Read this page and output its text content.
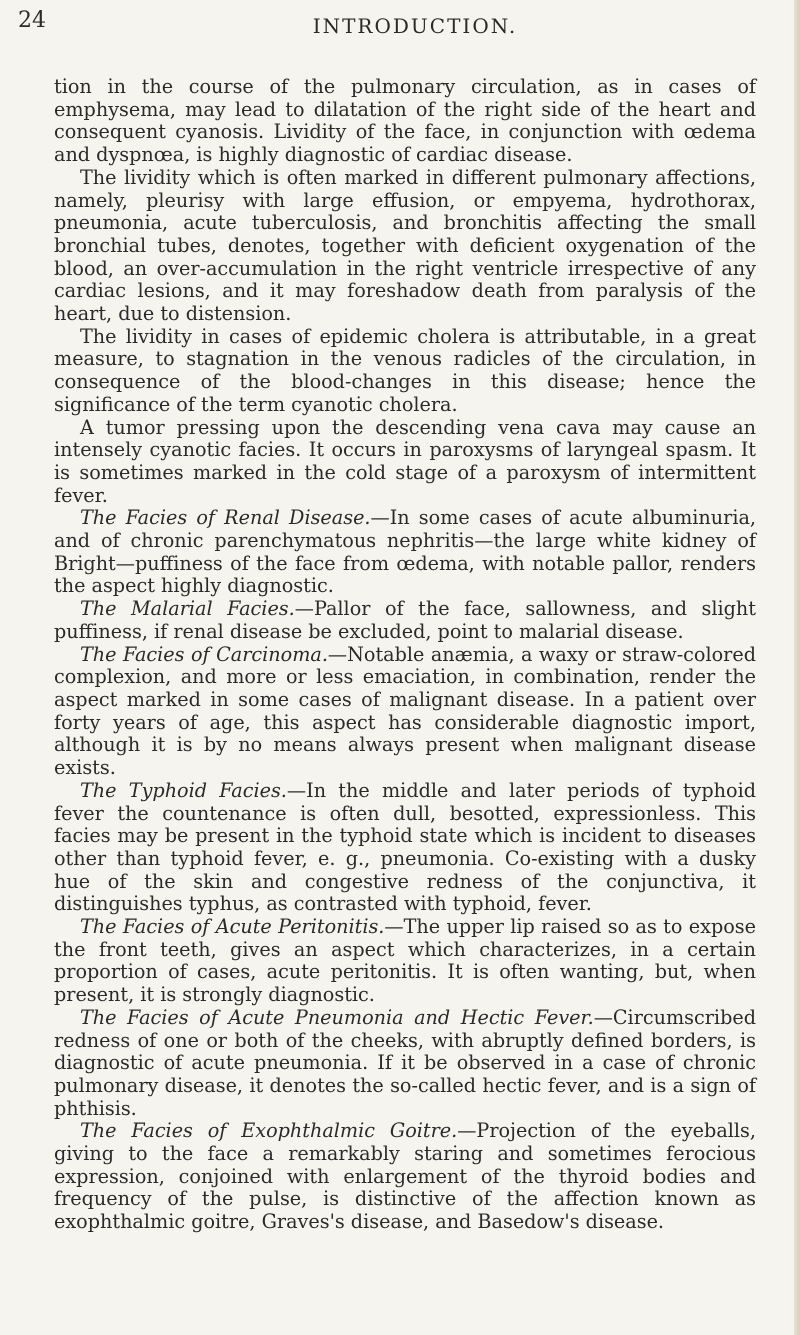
24	INTRODUCTION.

tion in the course of the pulmonary circulation, as in cases of emphysema, may lead to dilatation of the right side of the heart and consequent cyanosis. Lividity of the face, in conjunction with œdema and dyspnœa, is highly diagnostic of cardiac disease.

The lividity which is often marked in different pulmonary affections, namely, pleurisy with large effusion, or empyema, hydrothorax, pneumonia, acute tuberculosis, and bronchitis affecting the small bronchial tubes, denotes, together with deficient oxygenation of the blood, an over-accumulation in the right ventricle irrespective of any cardiac lesions, and it may foreshadow death from paralysis of the heart, due to distension.

The lividity in cases of epidemic cholera is attributable, in a great measure, to stagnation in the venous radicles of the circulation, in consequence of the blood-changes in this disease; hence the significance of the term cyanotic cholera.

A tumor pressing upon the descending vena cava may cause an intensely cyanotic facies. It occurs in paroxysms of laryngeal spasm. It is sometimes marked in the cold stage of a paroxysm of intermittent fever.

The Facies of Renal Disease.—In some cases of acute albuminuria, and of chronic parenchymatous nephritis—the large white kidney of Bright—puffiness of the face from œdema, with notable pallor, renders the aspect highly diagnostic.

The Malarial Facies.—Pallor of the face, sallowness, and slight puffiness, if renal disease be excluded, point to malarial disease.

The Facies of Carcinoma.—Notable anæmia, a waxy or straw-colored complexion, and more or less emaciation, in combination, render the aspect marked in some cases of malignant disease. In a patient over forty years of age, this aspect has considerable diagnostic import, although it is by no means always present when malignant disease exists.

The Typhoid Facies.—In the middle and later periods of typhoid fever the countenance is often dull, besotted, expressionless. This facies may be present in the typhoid state which is incident to diseases other than typhoid fever, e. g., pneumonia. Co-existing with a dusky hue of the skin and congestive redness of the conjunctiva, it distinguishes typhus, as contrasted with typhoid, fever.

The Facies of Acute Peritonitis.—The upper lip raised so as to expose the front teeth, gives an aspect which characterizes, in a certain proportion of cases, acute peritonitis. It is often wanting, but, when present, it is strongly diagnostic.

The Facies of Acute Pneumonia and Hectic Fever.—Circumscribed redness of one or both of the cheeks, with abruptly defined borders, is diagnostic of acute pneumonia. If it be observed in a case of chronic pulmonary disease, it denotes the so-called hectic fever, and is a sign of phthisis.

The Facies of Exophthalmic Goitre.—Projection of the eyeballs, giving to the face a remarkably staring and sometimes ferocious expression, conjoined with enlargement of the thyroid bodies and frequency of the pulse, is distinctive of the affection known as exophthalmic goitre, Graves's disease, and Basedow's disease.
